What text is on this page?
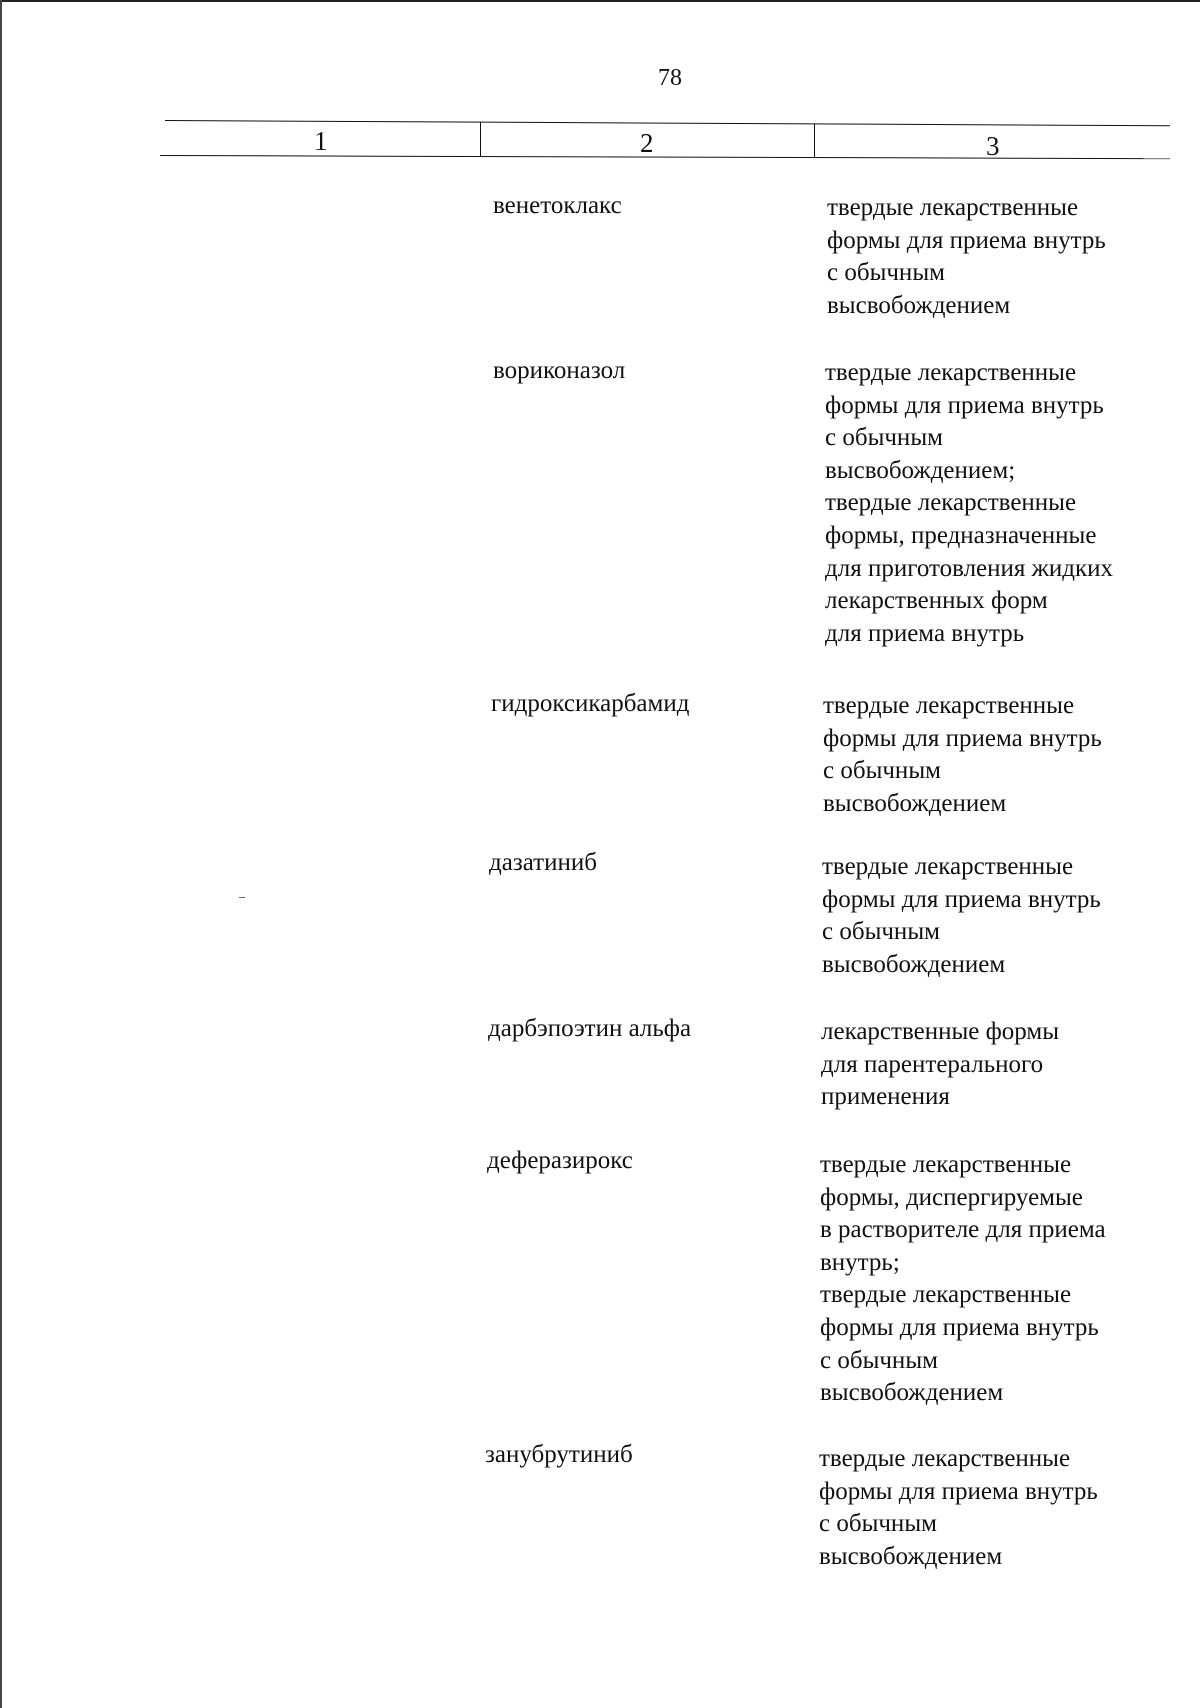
78
1	2	3
венетоклакс	твердые лекарственные
формы для приема внутрь
с обычным
высвобождением
вориконазол	твердые лекарственные
формы для приема внутрь
с обычным
высвобождением;
твердые лекарственные
формы, предназначенные
для приготовления жидких
лекарственных форм
для приема внутрь
гидроксикарбамид	твердые лекарственные
формы для приема внутрь
с обычным
высвобождением
дазатиниб	твердые лекарственные
формы для приема внутрь
с обычным
высвобождением
дарбэпоэтин альфа	лекарственные формы
для парентерального
применения
деферазирокс	твердые лекарственные
формы, диспергируемые
в растворителе для приема
внутрь;
твердые лекарственные
формы для приема внутрь
с обычным
высвобождением
занубрутиниб	твердые лекарственные
формы для приема внутрь
с обычным
высвобождением
